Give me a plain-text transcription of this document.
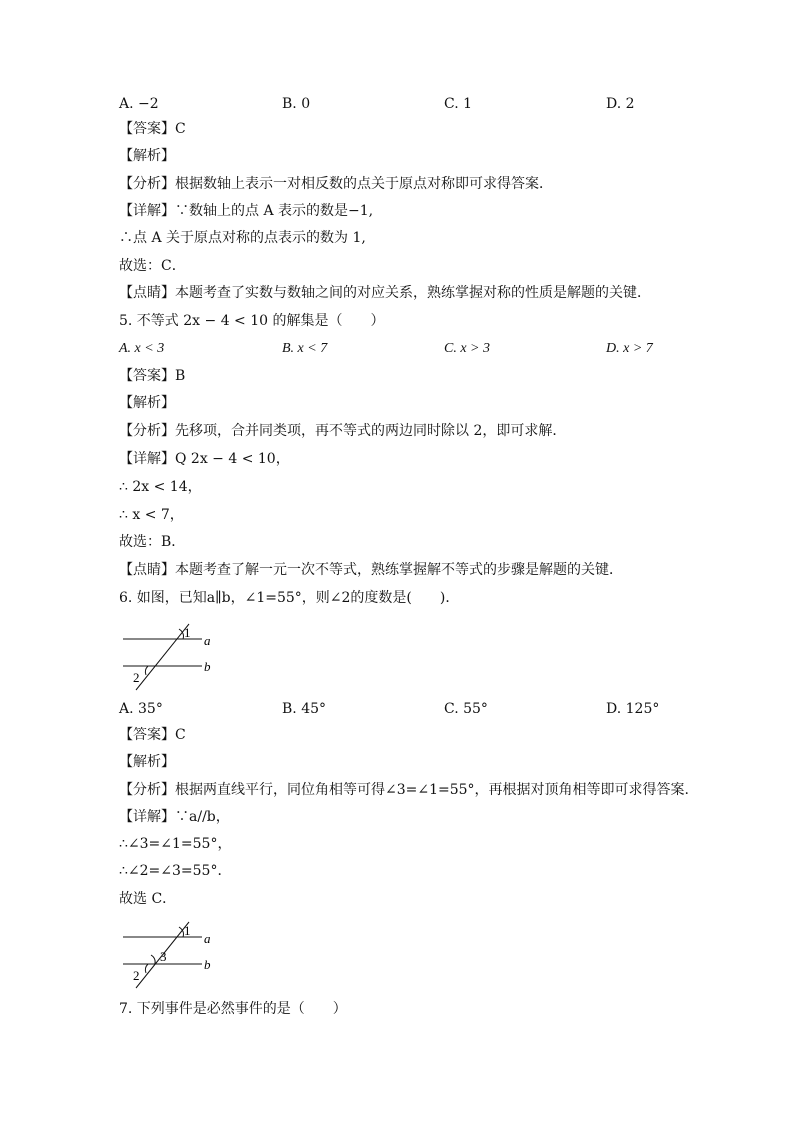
A. −2	B. 0	C. 1	D. 2
【答案】C
【解析】
【分析】根据数轴上表示一对相反数的点关于原点对称即可求得答案．
【详解】∵数轴上的点 A 表示的数是−1,
∴点 A 关于原点对称的点表示的数为 1,
故选：C．
【点睛】本题考查了实数与数轴之间的对应关系，熟练掌握对称的性质是解题的关键．
5. 不等式 2x − 4 < 10 的解集是（　　）
A. x < 3	B. x < 7	C. x > 3	D. x > 7
【答案】B
【解析】
【分析】先移项，合并同类项，再不等式的两边同时除以 2，即可求解．
【详解】Q 2x − 4 < 10，
∴ 2x < 14，
∴ x < 7，
故选：B．
【点睛】本题考查了解一元一次不等式，熟练掌握解不等式的步骤是解题的关键．
6. 如图，已知a∥b，∠1=55°，则∠2的度数是(　　)．
1
2
a
b
A. 35°	B. 45°	C. 55°	D. 125°
【答案】C
【解析】
【分析】根据两直线平行，同位角相等可得∠3=∠1=55°，再根据对顶角相等即可求得答案.
【详解】∵a//b，
∴∠3=∠1=55°，
∴∠2=∠3=55°．
故选 C．
1
3
2
a
b
7. 下列事件是必然事件的是（　　）
